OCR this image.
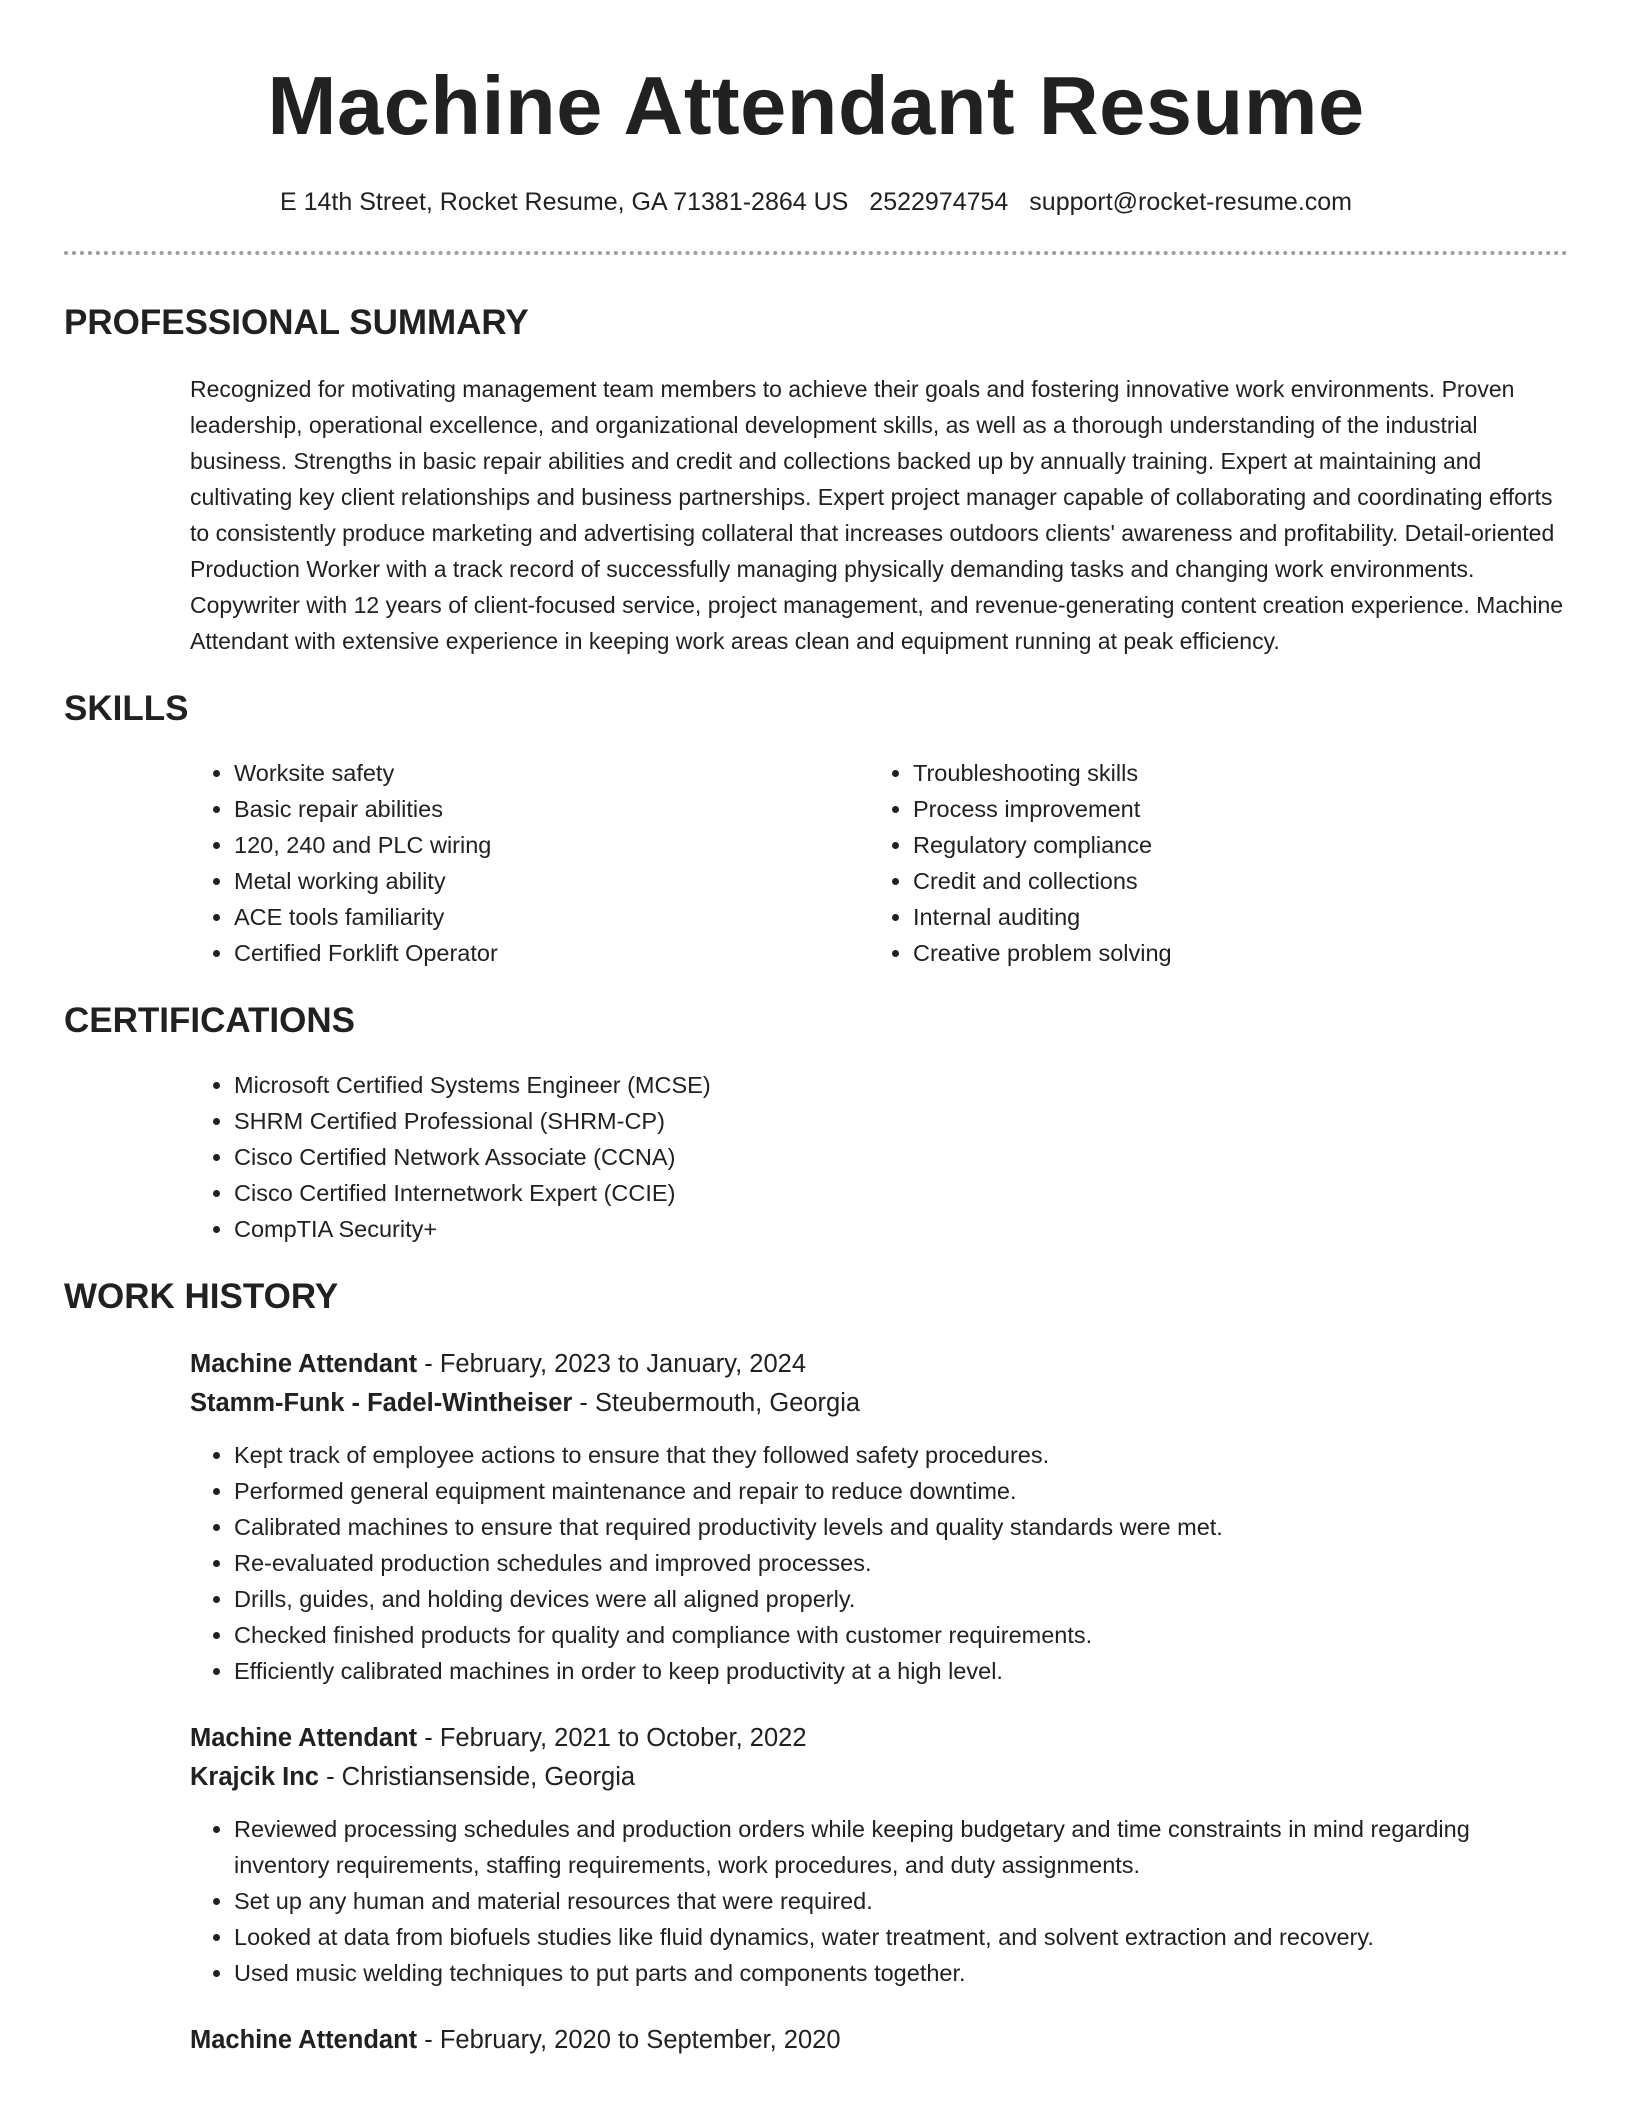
Machine Attendant Resume
E 14th Street, Rocket Resume, GA 71381-2864 US 2522974754 support@rocket-resume.com
PROFESSIONAL SUMMARY

Recognized for motivating management team members to achieve their goals and fostering innovative work environments. Proven leadership, operational excellence, and organizational development skills, as well as a thorough understanding of the industrial business. Strengths in basic repair abilities and credit and collections backed up by annually training. Expert at maintaining and cultivating key client relationships and business partnerships. Expert project manager capable of collaborating and coordinating efforts to consistently produce marketing and advertising collateral that increases outdoors clients' awareness and profitability. Detail-oriented Production Worker with a track record of successfully managing physically demanding tasks and changing work environments. Copywriter with 12 years of client-focused service, project management, and revenue-generating content creation experience. Machine Attendant with extensive experience in keeping work areas clean and equipment running at peak efficiency.

SKILLS
• Worksite safety
• Basic repair abilities
• 120, 240 and PLC wiring
• Metal working ability
• ACE tools familiarity
• Certified Forklift Operator
• Troubleshooting skills
• Process improvement
• Regulatory compliance
• Credit and collections
• Internal auditing
• Creative problem solving
CERTIFICATIONS
• Microsoft Certified Systems Engineer (MCSE)
• SHRM Certified Professional (SHRM-CP)
• Cisco Certified Network Associate (CCNA)
• Cisco Certified Internetwork Expert (CCIE)
• CompTIA Security+
WORK HISTORY
Machine Attendant - February, 2023 to January, 2024
Stamm-Funk - Fadel-Wintheiser - Steubermouth, Georgia
• Kept track of employee actions to ensure that they followed safety procedures.
• Performed general equipment maintenance and repair to reduce downtime.
• Calibrated machines to ensure that required productivity levels and quality standards were met.
• Re-evaluated production schedules and improved processes.
• Drills, guides, and holding devices were all aligned properly.
• Checked finished products for quality and compliance with customer requirements.
• Efficiently calibrated machines in order to keep productivity at a high level.
Machine Attendant - February, 2021 to October, 2022
Krajcik Inc - Christiansenside, Georgia
• Reviewed processing schedules and production orders while keeping budgetary and time constraints in mind regarding inventory requirements, staffing requirements, work procedures, and duty assignments.
• Set up any human and material resources that were required.
• Looked at data from biofuels studies like fluid dynamics, water treatment, and solvent extraction and recovery.
• Used music welding techniques to put parts and components together.
Machine Attendant - February, 2020 to September, 2020
